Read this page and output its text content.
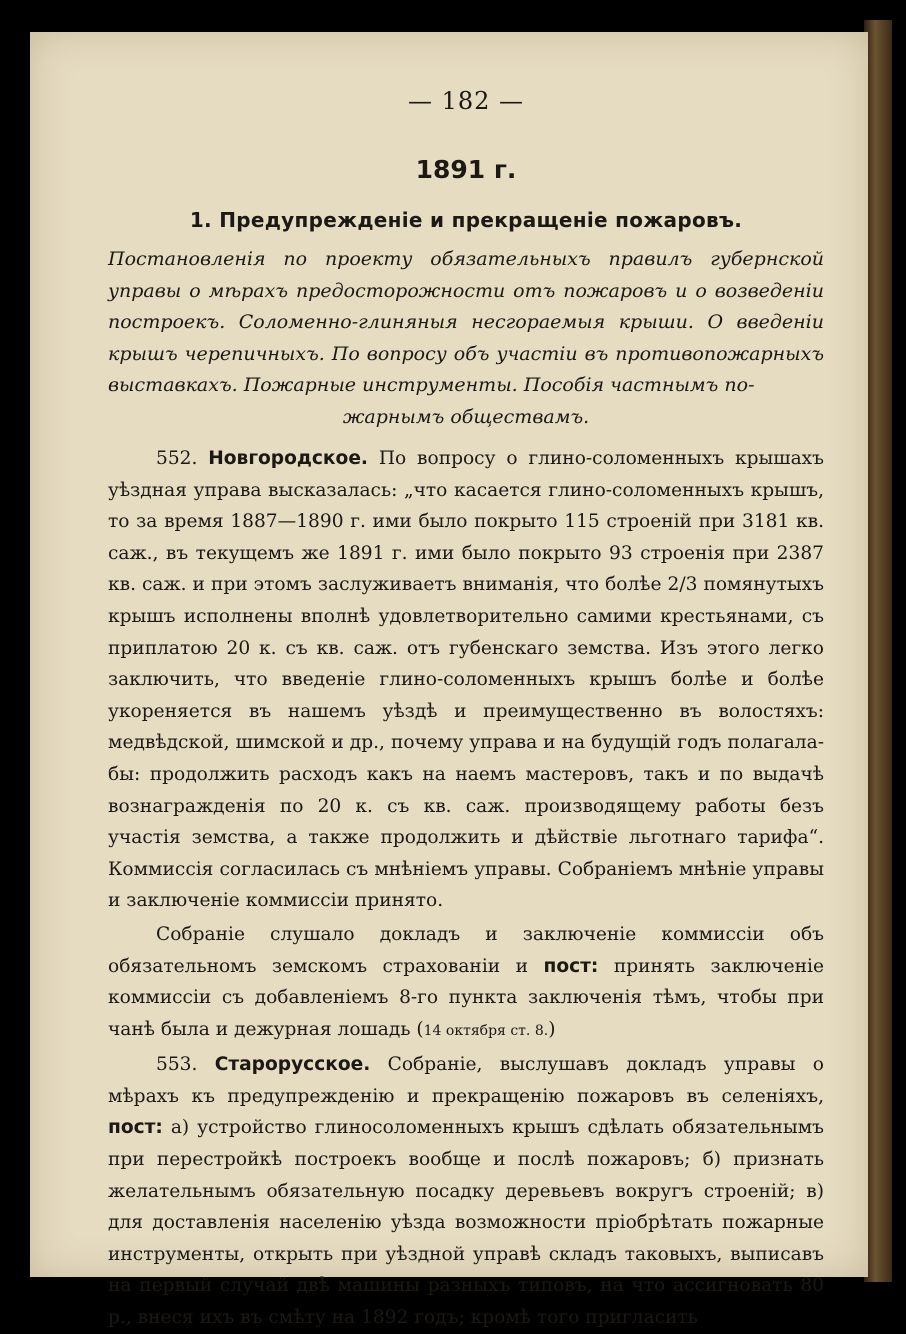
— 182 —
1891 г.
1. Предупрежденіе и прекращеніе пожаровъ.
Постановленія по проекту обязательныхъ правилъ губернской управы о мѣрахъ предосторожности отъ пожаровъ и о возведеніи построекъ. Соломенно-глиняныя несгораемыя крыши. О введеніи крышъ черепичныхъ. По вопросу объ участіи въ противопожарныхъ выставкахъ. Пожарные инструменты. Пособія частнымъ по-
жарнымъ обществамъ.

552. Новгородское. По вопросу о глино-соломенныхъ крышахъ уѣздная управа высказалась: „что касается глино-соломенныхъ крышъ, то за время 1887—1890 г. ими было покрыто 115 строеній при 3181 кв. саж., въ текущемъ же 1891 г. ими было покрыто 93 строенія при 2387 кв. саж. и при этомъ заслуживаетъ вниманія, что болѣе 2/3 помянутыхъ крышъ исполнены вполнѣ удовлетворительно самими крестьянами, съ приплатою 20 к. съ кв. саж. отъ губенскаго земства. Изъ этого легко заключить, что введеніе глино-соломенныхъ крышъ болѣе и болѣе укореняется въ нашемъ уѣздѣ и преимущественно въ волостяхъ: медвѣдской, шимской и др., почему управа и на будущій годъ полагала-бы: продолжить расходъ какъ на наемъ мастеровъ, такъ и по выдачѣ вознагражденія по 20 к. съ кв. саж. производящему работы безъ участія земства, а также продолжить и дѣйствіе льготнаго тарифа“. Коммиссія согласилась съ мнѣніемъ управы. Собраніемъ мнѣніе управы и заключеніе коммиссіи принято.

Собраніе слушало докладъ и заключеніе коммиссіи объ обязательномъ земскомъ страхованіи и пост: принять заключеніе коммиссіи съ добавленіемъ 8-го пункта заключенія тѣмъ, чтобы при чанѣ была и дежурная лошадь (14 октября ст. 8.)

553. Старорусское. Собраніе, выслушавъ докладъ управы о мѣрахъ къ предупрежденію и прекращенію пожаровъ въ селеніяхъ, пост: а) устройство глиносоломенныхъ крышъ сдѣлать обязательнымъ при перестройкѣ построекъ вообще и послѣ пожаровъ; б) признать желательнымъ обязательную посадку деревьевъ вокругъ строеній; в) для доставленія населенію уѣзда возможности пріобрѣтать пожарные инструменты, открыть при уѣздной управѣ складъ таковыхъ, выписавъ на первый случай двѣ машины разныхъ типовъ, на что ассигновать 80 р., внеся ихъ въ смѣту на 1892 годъ; кромѣ того пригласить
